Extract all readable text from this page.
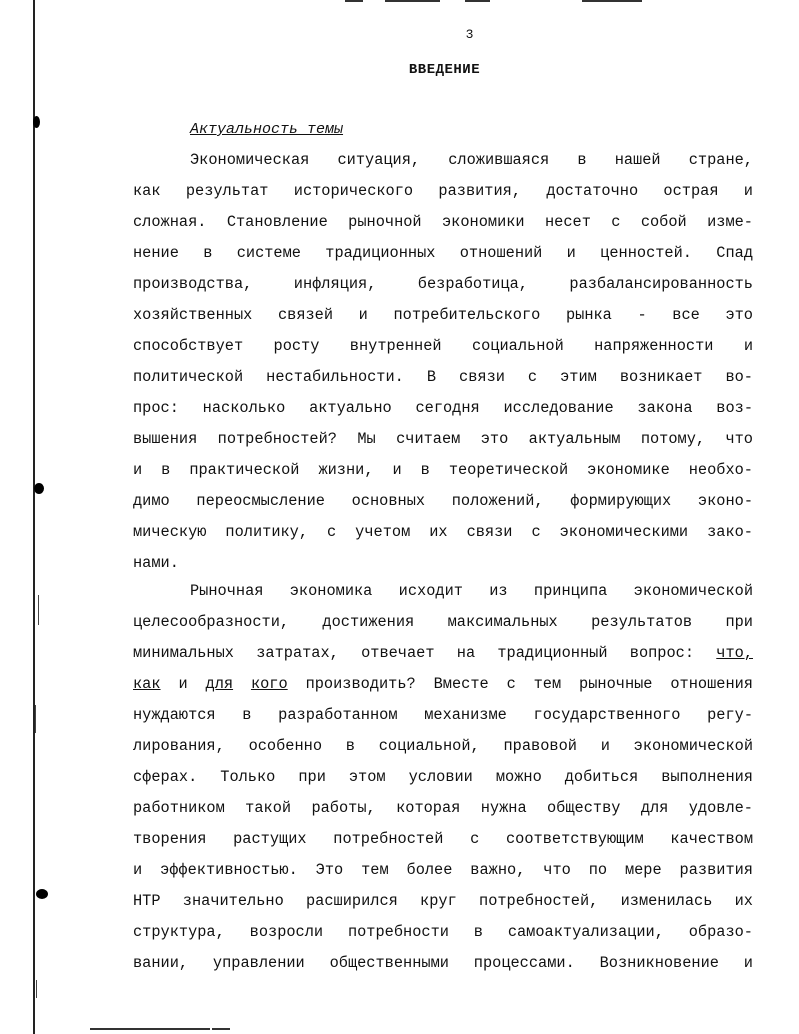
3
ВВЕДЕНИЕ
Актуальность темы
Экономическая ситуация, сложившаяся в нашей стране,
как результат исторического развития, достаточно острая и
сложная. Становление рыночной экономики несет с собой изме-
нение в системе традиционных отношений и ценностей. Спад
производства, инфляция, безработица, разбалансированность
хозяйственных связей и потребительского рынка - все это
способствует росту внутренней социальной напряженности и
политической нестабильности. В связи с этим возникает во-
прос: насколько актуально сегодня исследование закона воз-
вышения потребностей? Мы считаем это актуальным потому, что
и в практической жизни, и в теоретической экономике необхо-
димо переосмысление основных положений, формирующих эконо-
мическую политику, с учетом их связи с экономическими зако-
нами.
Рыночная экономика исходит из принципа экономической
целесообразности, достижения максимальных результатов при
минимальных затратах, отвечает на традиционный вопрос: что,
как и для кого производить? Вместе с тем рыночные отношения
нуждаются в разработанном механизме государственного регу-
лирования, особенно в социальной, правовой и экономической
сферах. Только при этом условии можно добиться выполнения
работником такой работы, которая нужна обществу для удовле-
творения растущих потребностей с соответствующим качеством
и эффективностью. Это тем более важно, что по мере развития
НТР значительно расширился круг потребностей, изменилась их
структура, возросли потребности в самоактуализации, образо-
вании, управлении общественными процессами. Возникновение и
